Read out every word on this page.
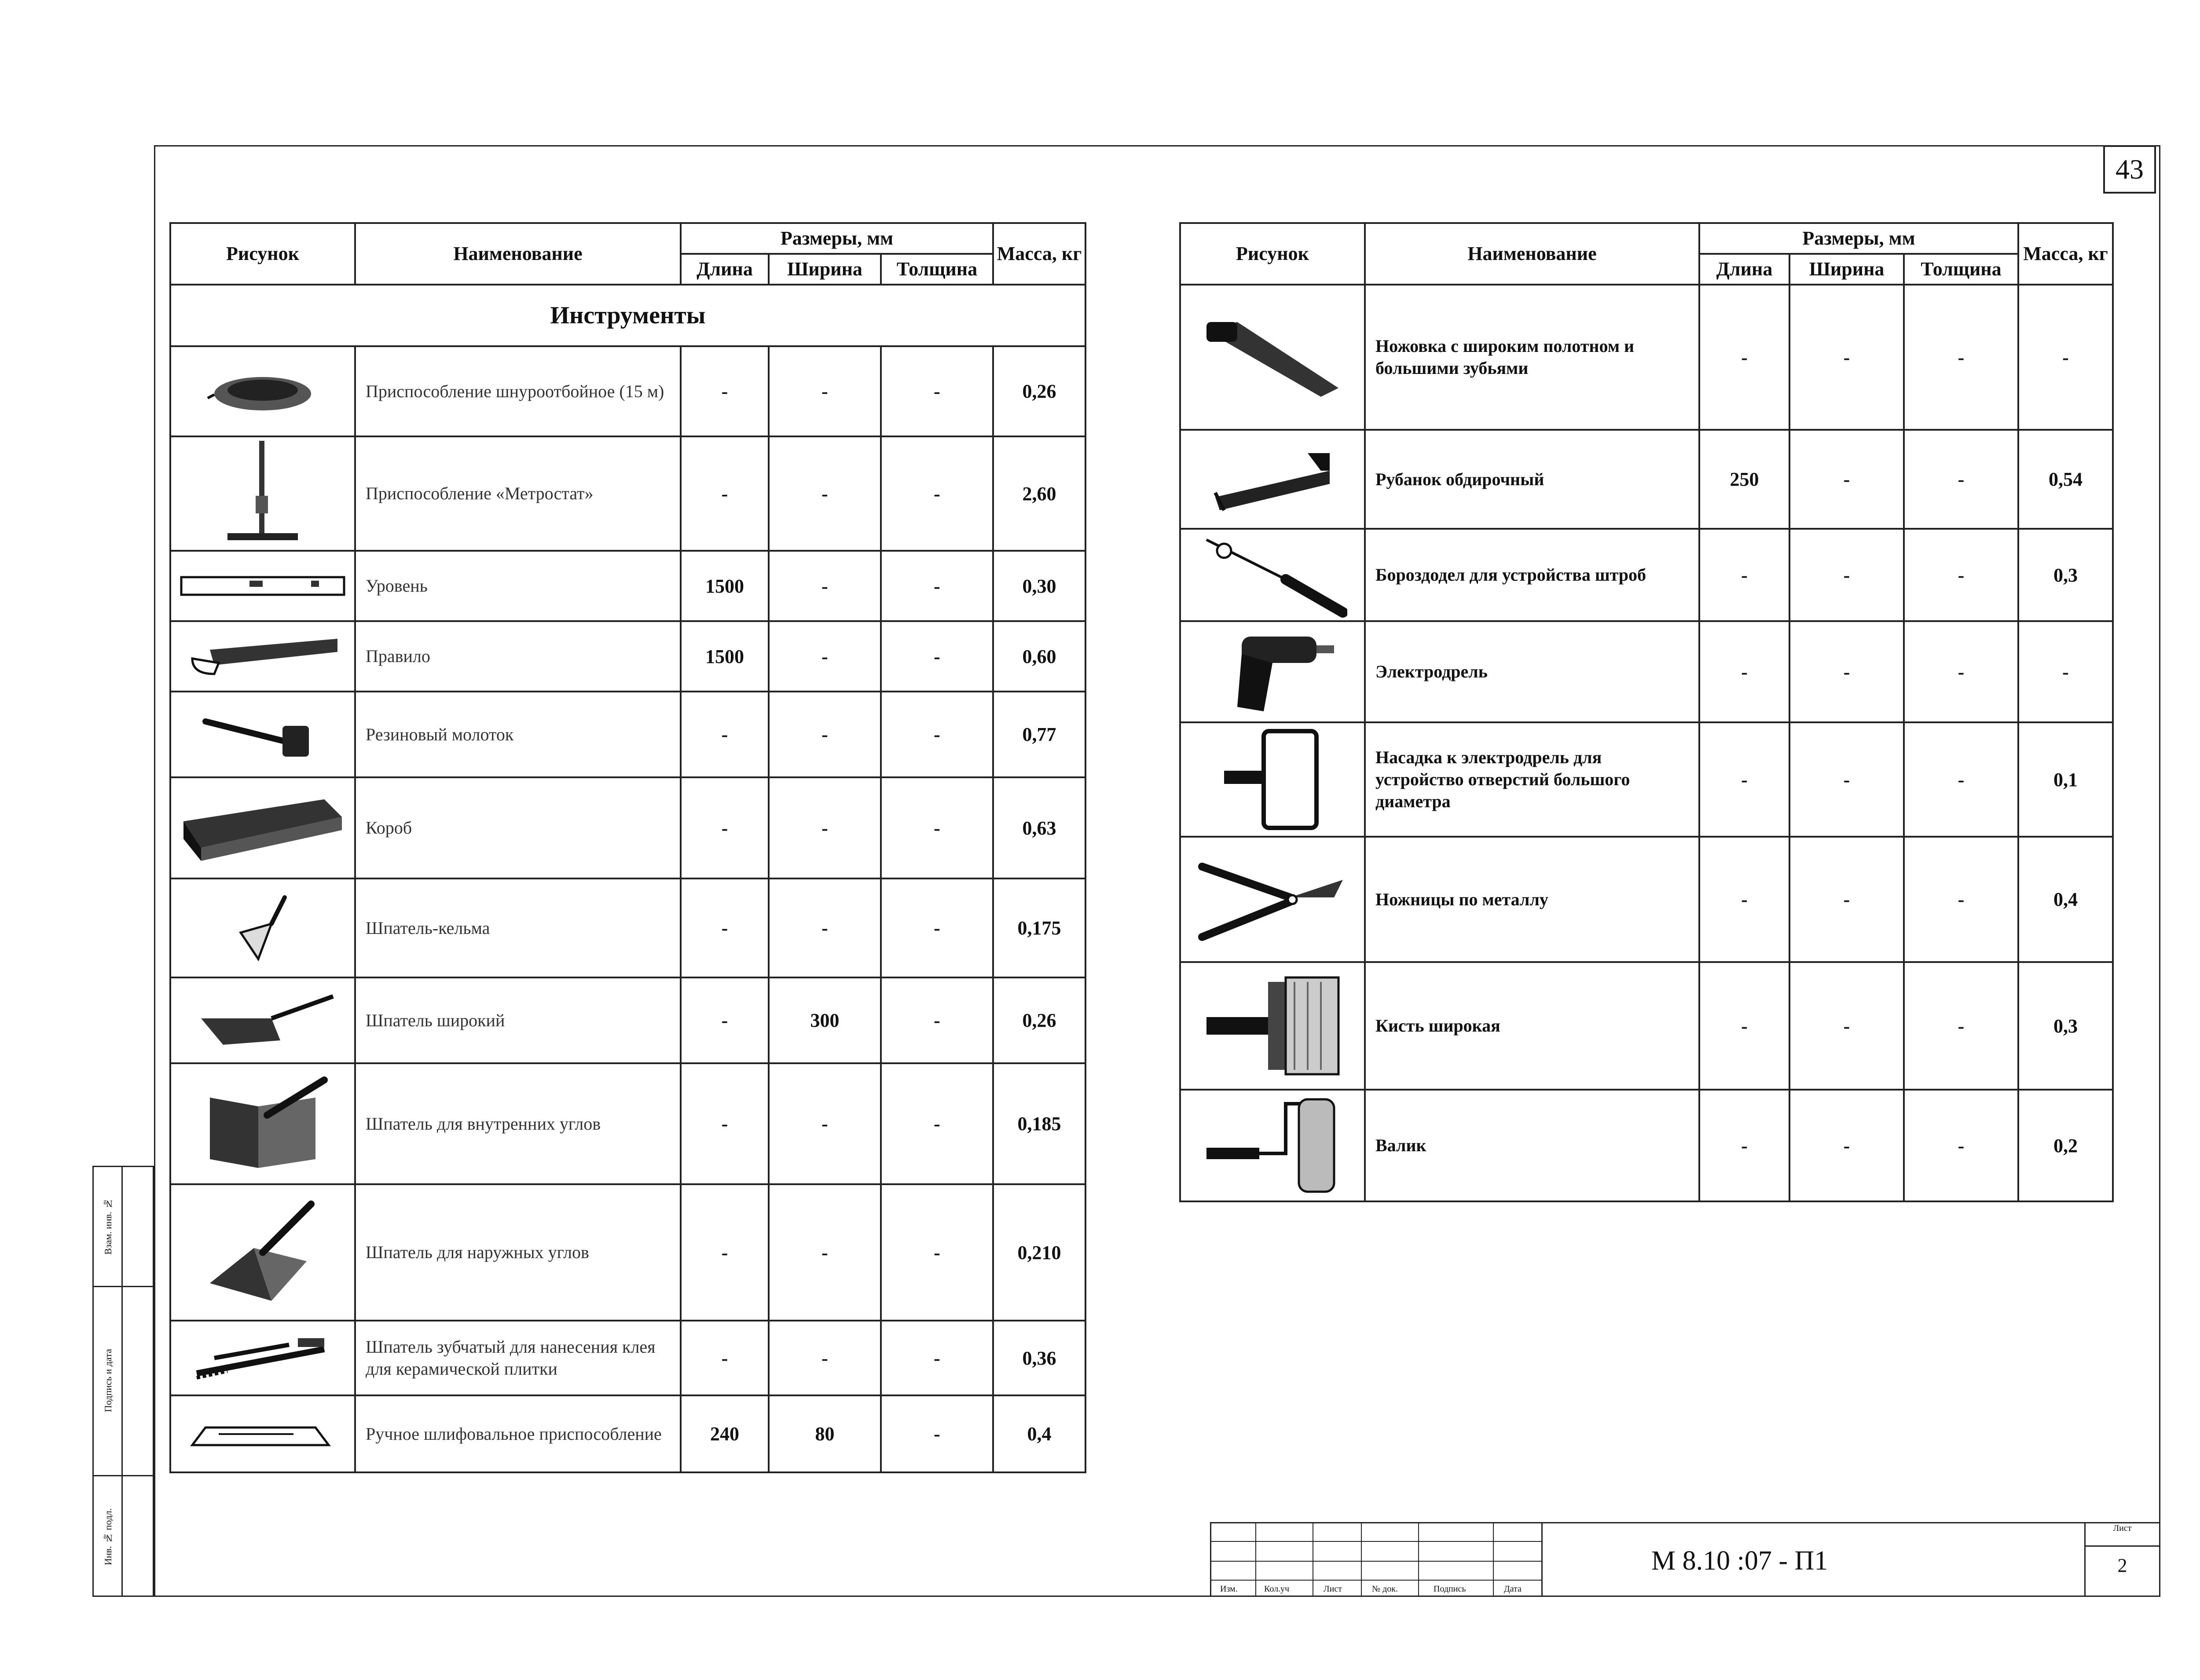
43
Рисунок	Наименование	Размеры, мм			Масса, кг
		Длина	Ширина	Толщина	
Инструменты					

	Приспособление шнуроотбойное (15 м)	-	-	-	0,26

	Приспособление «Метростат»	-	-	-	2,60

	Уровень	1500	-	-	0,30

	Правило	1500	-	-	0,60

	Резиновый молоток	-	-	-	0,77

	Короб	-	-	-	0,63

	Шпатель-кельма	-	-	-	0,175

	Шпатель широкий	-	300	-	0,26

	Шпатель для внутренних углов	-	-	-	0,185

	Шпатель для наружных углов	-	-	-	0,210

	Шпатель зубчатый для нанесения клея для керамической плитки	-	-	-	0,36

	Ручное шлифовальное приспособление	240	80	-	0,4
Рисунок	Наименование	Размеры, мм			Масса, кг
		Длина	Ширина	Толщина	

	Ножовка с широким полотном и большими зубьями	-	-	-	-

	Рубанок обдирочный	250	-	-	0,54

	Бороздодел для устройства штроб	-	-	-	0,3

	Электродрель	-	-	-	-

	Насадка к электродрель для устройство отверстий большого диаметра	-	-	-	0,1

	Ножницы по металлу	-	-	-	0,4

	Кисть широкая	-	-	-	0,3

	Валик	-	-	-	0,2
Взам. инв. №
Подпись и дата
Инв. № подл.
Изм.	Кол.уч	Лист	№ док.	Подпись	Дата
М 8.10 :07 - П1
Лист
2
